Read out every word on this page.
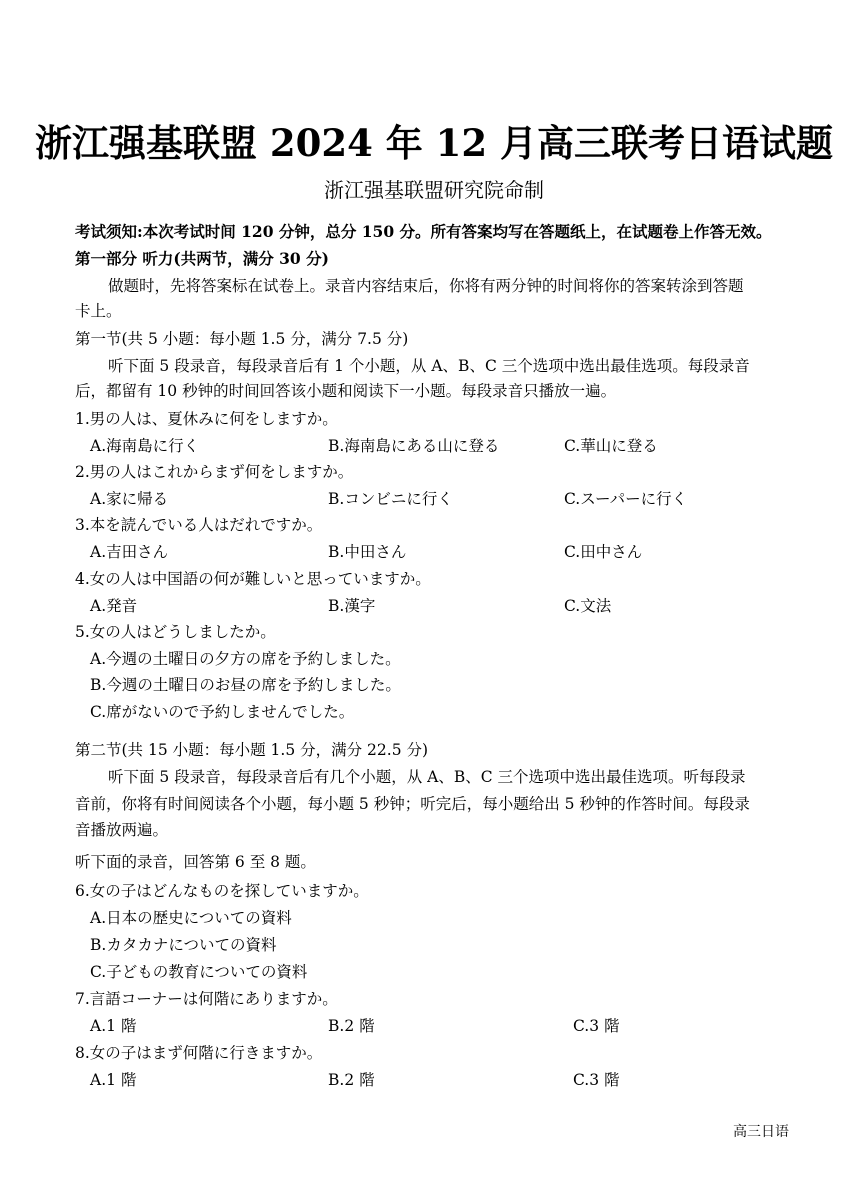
浙江强基联盟 2024 年 12 月高三联考日语试题
浙江强基联盟研究院命制
考试须知:本次考试时间 120 分钟，总分 150 分。所有答案均写在答题纸上，在试题卷上作答无效。
第一部分 听力(共两节，满分 30 分)
做题时，先将答案标在试卷上。录音内容结束后，你将有两分钟的时间将你的答案转涂到答题
卡上。
第一节(共 5 小题：每小题 1.5 分，满分 7.5 分)
听下面 5 段录音，每段录音后有 1 个小题，从 A、B、C 三个选项中选出最佳选项。每段录音
后，都留有 10 秒钟的时间回答该小题和阅读下一小题。每段录音只播放一遍。
1.男の人は、夏休みに何をしますか。
A.海南島に行く	B.海南島にある山に登る	C.華山に登る
2.男の人はこれからまず何をしますか。
A.家に帰る	B.コンビニに行く	C.スーパーに行く
3.本を読んでいる人はだれですか。
A.吉田さん	B.中田さん	C.田中さん
4.女の人は中国語の何が難しいと思っていますか。
A.発音	B.漢字	C.文法
5.女の人はどうしましたか。
A.今週の土曜日の夕方の席を予約しました。
B.今週の土曜日のお昼の席を予約しました。
C.席がないので予約しませんでした。
第二节(共 15 小题：每小题 1.5 分，满分 22.5 分)
听下面 5 段录音，每段录音后有几个小题，从 A、B、C 三个选项中选出最佳选项。听每段录
音前，你将有时间阅读各个小题，每小题 5 秒钟；听完后，每小题给出 5 秒钟的作答时间。每段录
音播放两遍。
听下面的录音，回答第 6 至 8 题。
6.女の子はどんなものを探していますか。
A.日本の歴史についての資料
B.カタカナについての資料
C.子どもの教育についての資料
7.言語コーナーは何階にありますか。
A.1 階	B.2 階	C.3 階
8.女の子はまず何階に行きますか。
A.1 階	B.2 階	C.3 階
高三日语
